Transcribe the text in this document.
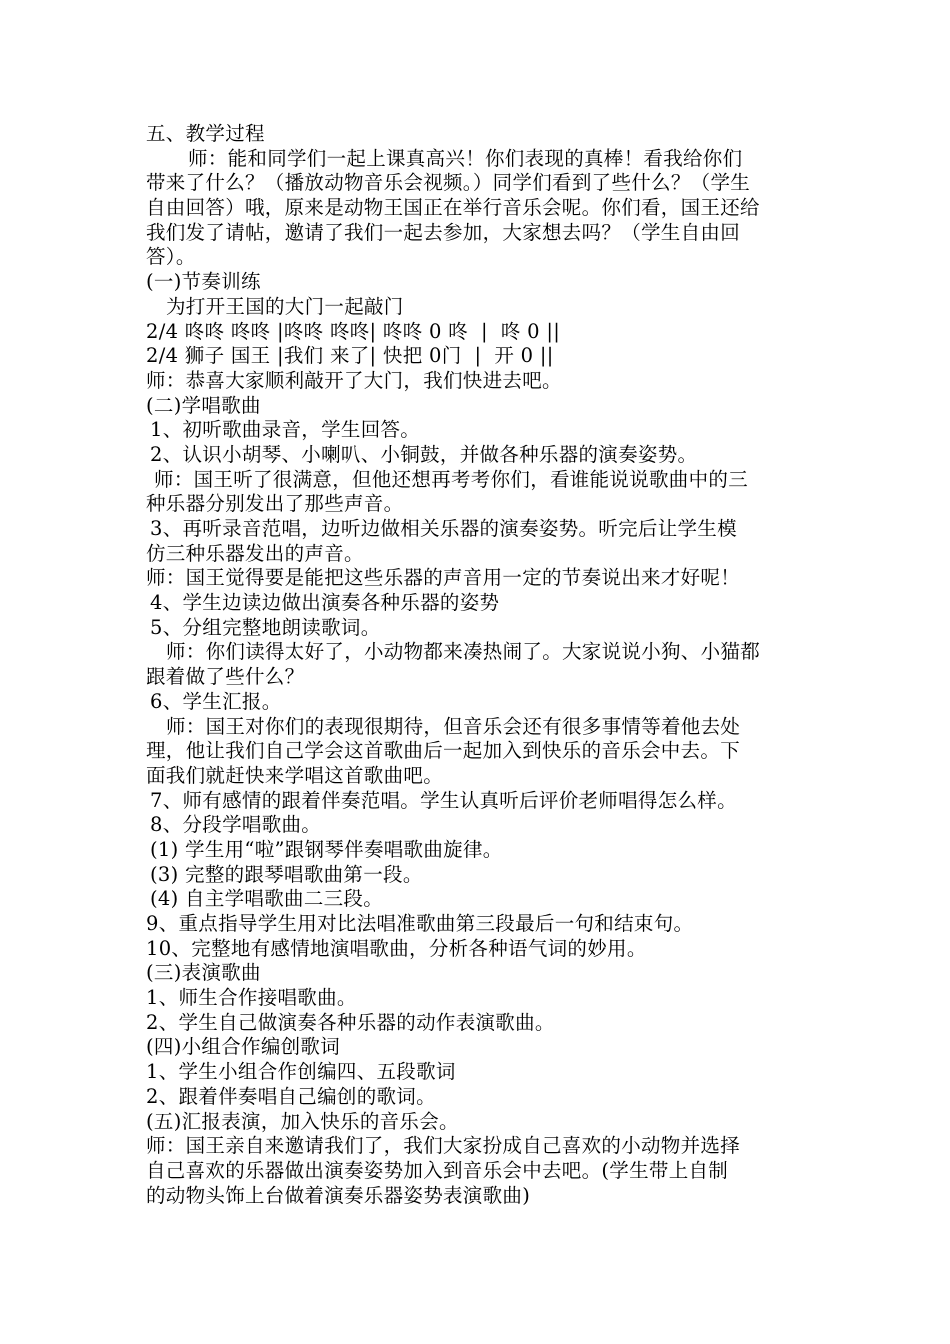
五、教学过程
师：能和同学们一起上课真高兴！你们表现的真棒！看我给你们
带来了什么？（播放动物音乐会视频。）同学们看到了些什么？（学生
自由回答）哦，原来是动物王国正在举行音乐会呢。你们看，国王还给
我们发了请帖，邀请了我们一起去参加，大家想去吗？（学生自由回
答）。
(一)节奏训练
为打开王国的大门一起敲门
2/4 咚咚 咚咚 |咚咚 咚咚| 咚咚 0 咚  |  咚 0 ||
2/4 狮子 国王 |我们 来了| 快把 0门  |  开 0 ||
师：恭喜大家顺利敲开了大门，我们快进去吧。
(二)学唱歌曲
1、初听歌曲录音，学生回答。
2、认识小胡琴、小喇叭、小铜鼓，并做各种乐器的演奏姿势。
师：国王听了很满意，但他还想再考考你们，看谁能说说歌曲中的三
种乐器分别发出了那些声音。
3、再听录音范唱，边听边做相关乐器的演奏姿势。听完后让学生模
仿三种乐器发出的声音。
师：国王觉得要是能把这些乐器的声音用一定的节奏说出来才好呢！
4、学生边读边做出演奏各种乐器的姿势
5、分组完整地朗读歌词。
师：你们读得太好了，小动物都来凑热闹了。大家说说小狗、小猫都
跟着做了些什么？
6、学生汇报。
师：国王对你们的表现很期待，但音乐会还有很多事情等着他去处
理，他让我们自己学会这首歌曲后一起加入到快乐的音乐会中去。下
面我们就赶快来学唱这首歌曲吧。
7、师有感情的跟着伴奏范唱。学生认真听后评价老师唱得怎么样。
8、分段学唱歌曲。
(1) 学生用“啦”跟钢琴伴奏唱歌曲旋律。
(3) 完整的跟琴唱歌曲第一段。
(4) 自主学唱歌曲二三段。
9、重点指导学生用对比法唱准歌曲第三段最后一句和结束句。
10、完整地有感情地演唱歌曲，分析各种语气词的妙用。
(三)表演歌曲
1、师生合作接唱歌曲。
2、学生自己做演奏各种乐器的动作表演歌曲。
(四)小组合作编创歌词
1、学生小组合作创编四、五段歌词
2、跟着伴奏唱自己编创的歌词。
(五)汇报表演，加入快乐的音乐会。
师：国王亲自来邀请我们了，我们大家扮成自己喜欢的小动物并选择
自己喜欢的乐器做出演奏姿势加入到音乐会中去吧。(学生带上自制
的动物头饰上台做着演奏乐器姿势表演歌曲)
